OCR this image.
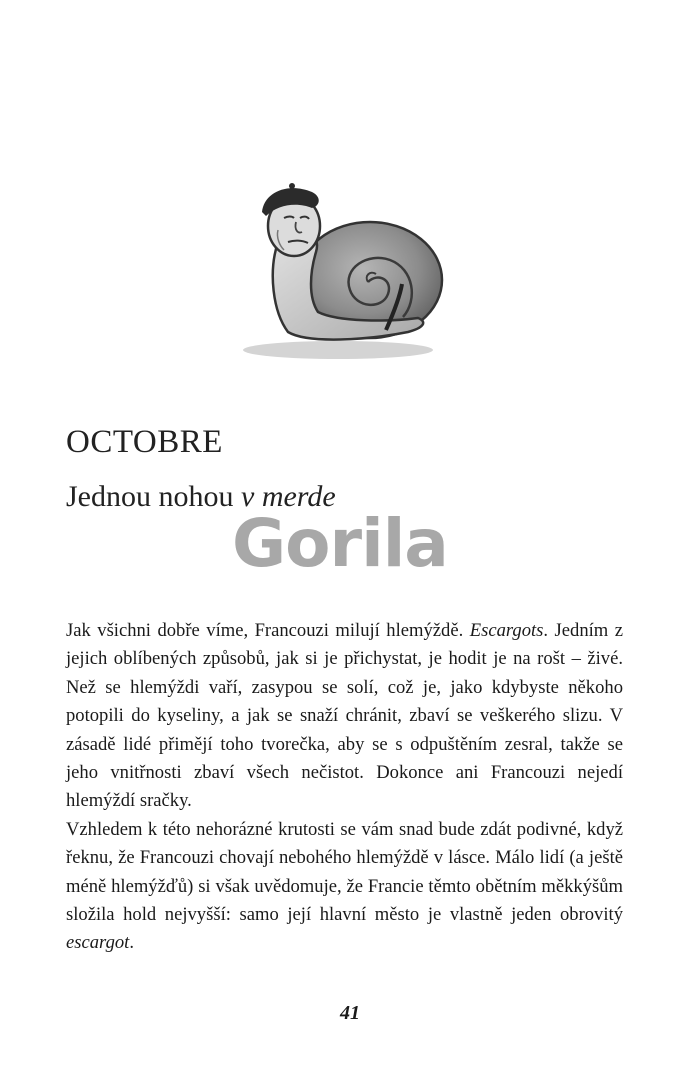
OCTOBRE
Jednou nohou v merde
Gorila

Jak všichni dobře víme, Francouzi milují hlemýždě. Escargots. Jedním z jejich oblíbených způsobů, jak si je přichystat, je hodit je na rošt – živé. Než se hlemýždi vaří, zasypou se solí, což je, jako kdybyste někoho potopili do kyseliny, a jak se snaží chránit, zbaví se veškerého slizu. V zásadě lidé přimějí toho tvorečka, aby se s odpuštěním zesral, takže se jeho vnitřnosti zbaví všech nečistot. Dokonce ani Francouzi nejedí hlemýždí sračky.

Vzhledem k této nehorázné krutosti se vám snad bude zdát podivné, když řeknu, že Francouzi chovají nebohého hlemýždě v lásce. Málo lidí (a ještě méně hlemýžďů) si však uvědomuje, že Francie těmto obětním měkkýšům složila hold nejvyšší: samo její hlavní město je vlastně jeden obrovitý escargot.

41
